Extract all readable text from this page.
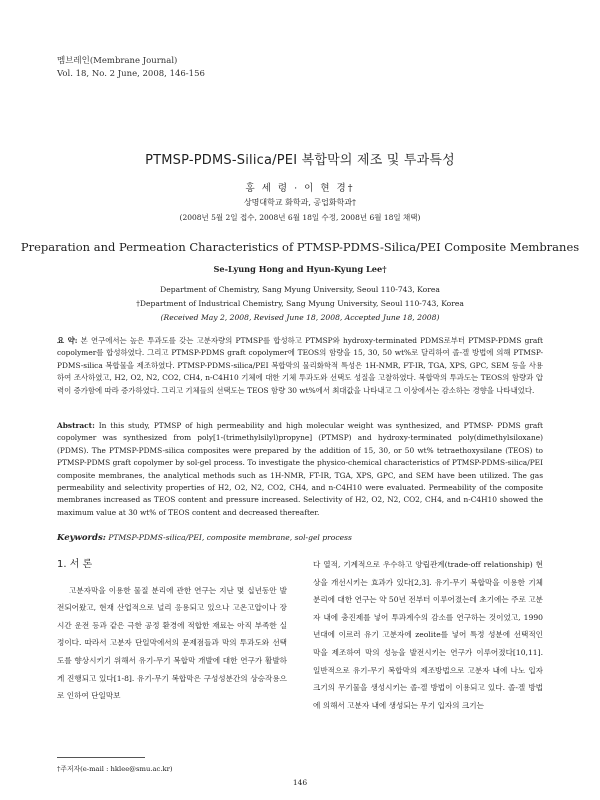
멤브레인(Membrane Journal)
Vol. 18, No. 2 June, 2008, 146-156
PTMSP-PDMS-Silica/PEI 복합막의 제조 및 투과특성
홍 세 령 · 이 현 경†
상명대학교 화학과, 공업화학과†
(2008년 5월 2일 접수, 2008년 6월 18일 수정, 2008년 6월 18일 채택)
Preparation and Permeation Characteristics of PTMSP-PDMS-Silica/PEI Composite Membranes
Se-Lyung Hong and Hyun-Kyung Lee†
Department of Chemistry, Sang Myung University, Seoul 110-743, Korea
†Department of Industrical Chemistry, Sang Myung University, Seoul 110-743, Korea
(Received May 2, 2008, Revised June 18, 2008, Accepted June 18, 2008)
요 약: 본 연구에서는 높은 투과도를 갖는 고분자량의 PTMSP를 합성하고 PTMSP와 hydroxy-terminated PDMS로부터 PTMSP-PDMS graft copolymer를 합성하였다. 그리고 PTMSP-PDMS graft copolymer에 TEOS의 함량을 15, 30, 50 wt%로 달리하여 졸-겔 방법에 의해 PTMSP-PDMS-silica 복합물을 제조하였다. PTMSP-PDMS-silica/PEI 복합막의 물리화학적 특성은 1H-NMR, FT-IR, TGA, XPS, GPC, SEM 등을 사용하여 조사하였고, H2, O2, N2, CO2, CH4, n-C4H10 기체에 대한 기체 투과도와 선택도 성질을 고찰하였다. 복합막의 투과도는 TEOS의 함량과 압력이 증가함에 따라 증가하였다. 그리고 기체들의 선택도는 TEOS 함량 30 wt%에서 최대값을 나타내고 그 이상에서는 감소하는 경향을 나타내었다.
Abstract: In this study, PTMSP of high permeability and high molecular weight was synthesized, and PTMSP- PDMS graft copolymer was synthesized from poly[1-(trimethylsilyl)propyne] (PTMSP) and hydroxy-terminated poly(dimethylsiloxane) (PDMS). The PTMSP-PDMS-silica composites were prepared by the addition of 15, 30, or 50 wt% tetraethoxysilane (TEOS) to PTMSP-PDMS graft copolymer by sol-gel process. To investigate the physico-chemical characteristics of PTMSP-PDMS-silica/PEI composite membranes, the analytical methods such as 1H-NMR, FT-IR, TGA, XPS, GPC, and SEM have been utilized. The gas permeability and selectivity properties of H2, O2, N2, CO2, CH4, and n-C4H10 were evaluated. Permeability of the composite membranes increased as TEOS content and pressure increased. Selectivity of H2, O2, N2, CO2, CH4, and n-C4H10 showed the maximum value at 30 wt% of TEOS content and decreased thereafter.
Keywords: PTMSP-PDMS-silica/PEI, composite membrane, sol-gel process
1. 서 론
고분자막을 이용한 물질 분리에 관한 연구는 지난 몇 십년동안 발전되어왔고, 현재 산업적으로 널리 응용되고 있으나 고온고압이나 장시간 운전 등과 같은 극한 공정 환경에 적합한 재료는 아직 부족한 실정이다. 따라서 고분자 단일막에서의 문제점들과 막의 투과도와 선택도를 향상시키기 위해서 유기-무기 복합막 개발에 대한 연구가 활발하게 진행되고 있다[1-8]. 유기-무기 복합막은 구성성분간의 상승작용으로 인하여 단일막보
다 열적, 기계적으로 우수하고 양립관계(trade-off relationship) 현상을 개선시키는 효과가 있다[2,3]. 유기-무기 복합막을 이용한 기체 분리에 대한 연구는 약 50년 전부터 이루어졌는데 초기에는 주로 고분자 내에 충진제를 넣어 투과계수의 감소를 연구하는 것이었고, 1990년대에 이르러 유기 고분자에 zeolite를 넣어 특정 성분에 선택적인 막을 제조하여 막의 성능을 발전시키는 연구가 이루어졌다[10,11]. 일반적으로 유기-무기 복합막의 제조방법으로 고분자 내에 나노 입자 크기의 무기물을 생성시키는 졸-겔 방법이 이용되고 있다. 졸-겔 방법에 의해서 고분자 내에 생성되는 무기 입자의 크기는
†주저자(e-mail : hklee@smu.ac.kr)
146
